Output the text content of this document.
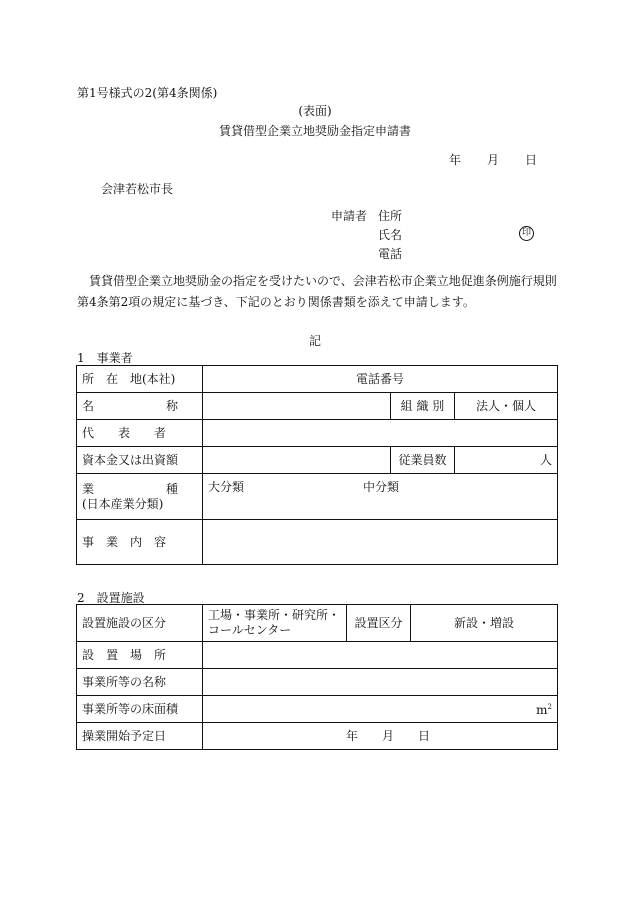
第1号様式の2(第4条関係)
(表面)
賃貸借型企業立地奨励金指定申請書
年 月 日
会津若松市長
申請者 住所
氏名	印
電話
賃貸借型企業立地奨励金の指定を受けたいので、会津若松市企業立地促進条例施行規則第4条第2項の規定に基づき、下記のとおり関係書類を添えて申請します。
記
1　事業者
所　在　地(本社)	電話番号		
名　　　　　　称		組 織 別	法人・個人
代　　表　　者			
資本金又は出資額		従業員数	人

業　　　　　　種
(日本産業分類)	大分類 中分類		
事　業　内　容			
2　設置施設
設置施設の区分	工場・事業所・研究所・コールセンター	設置区分	新設・増設
設　置　場　所			
事業所等の名称			
事業所等の床面積	$m^2$
操業開始予定日	年 月 日		
